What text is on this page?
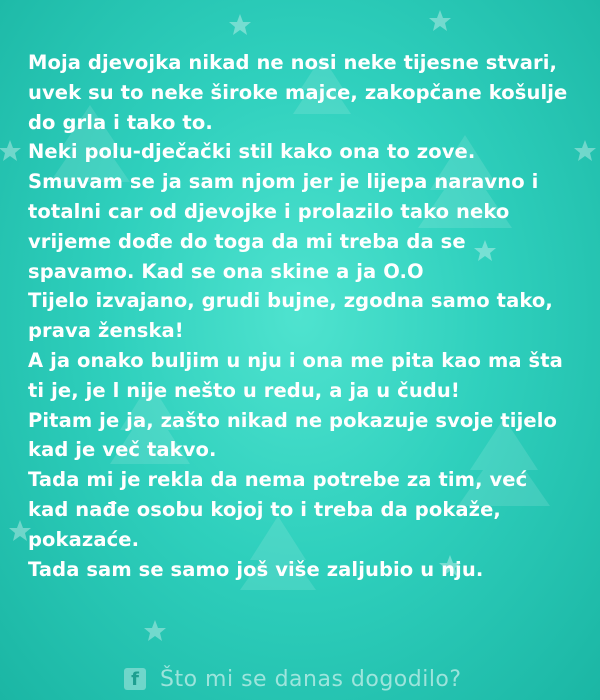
Moja djevojka nikad ne nosi neke tijesne stvari,
uvek su to neke široke majce, zakopčane košulje
do grla i tako to.
Neki polu-dječački stil kako ona to zove.
Smuvam se ja sam njom jer je lijepa naravno i
totalni car od djevojke i prolazilo tako neko
vrijeme dođe do toga da mi treba da se
spavamo. Kad se ona skine a ja O.O
Tijelo izvajano, grudi bujne, zgodna samo tako,
prava ženska!
A ja onako buljim u nju i ona me pita kao ma šta
ti je, je l nije nešto u redu, a ja u čudu!
Pitam je ja, zašto nikad ne pokazuje svoje tijelo
kad je več takvo.
Tada mi je rekla da nema potrebe za tim, već
kad nađe osobu kojoj to i treba da pokaže,
pokazaće.
Tada sam se samo još više zaljubio u nju.
f Što mi se danas dogodilo?
